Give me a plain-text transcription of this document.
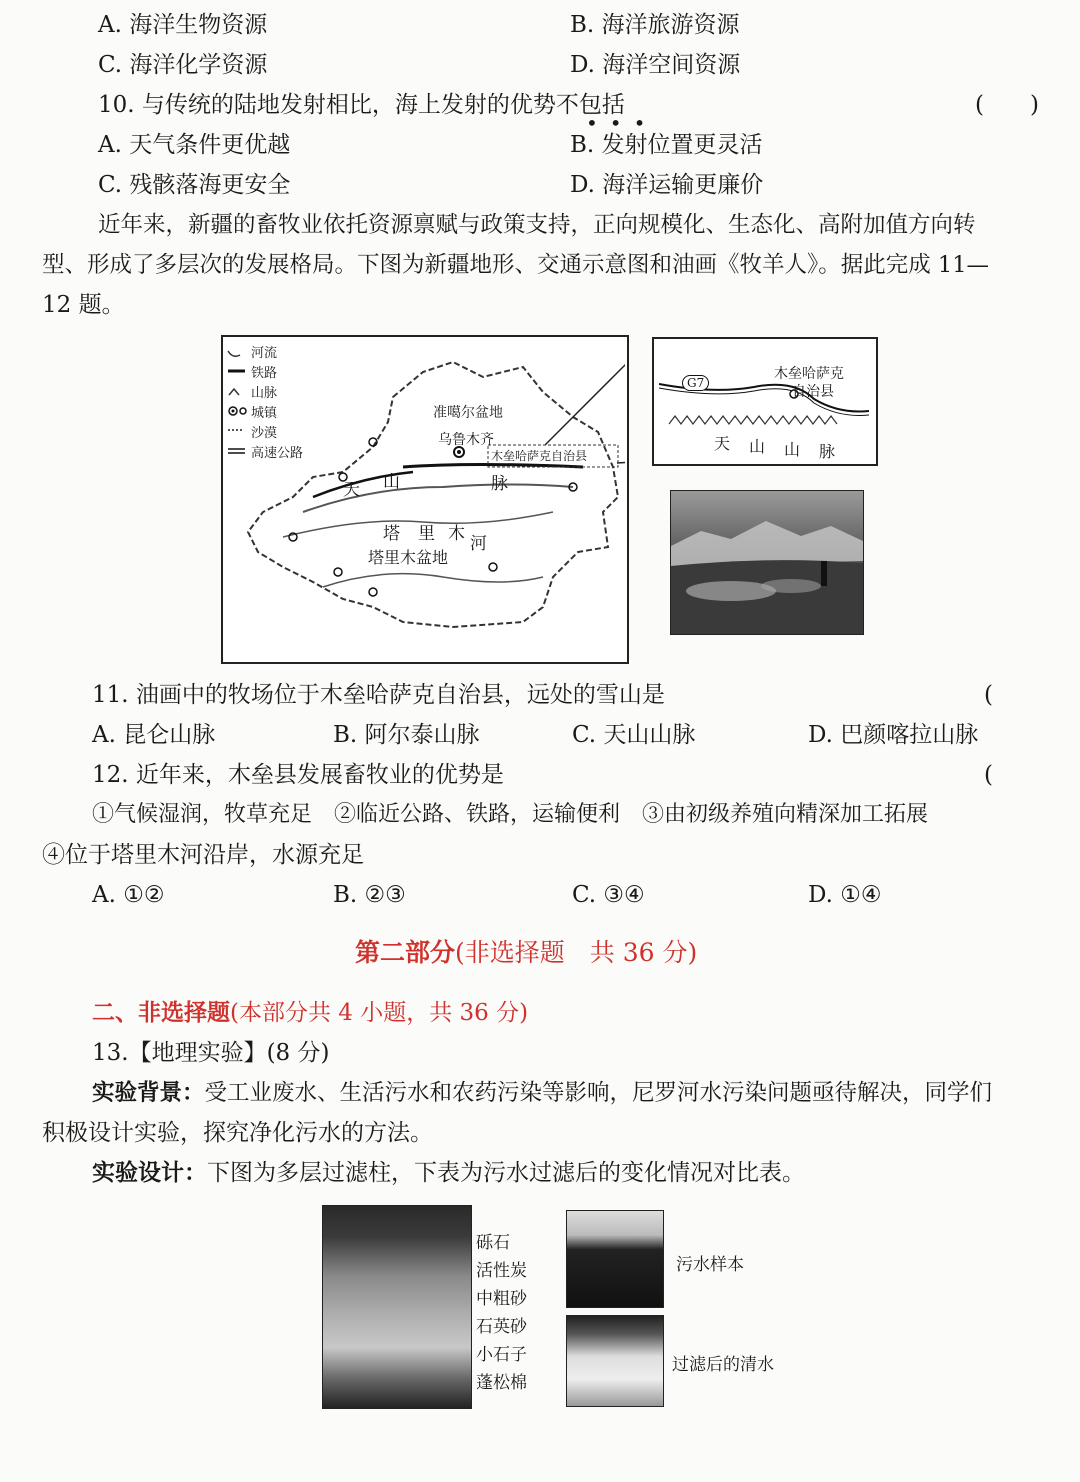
A. 海洋生物资源	B. 海洋旅游资源
C. 海洋化学资源	D. 海洋空间资源
10. 与传统的陆地发射相比，海上发射的优势不包括
•••
(　　)
A. 天气条件更优越	B. 发射位置更灵活
C. 残骸落海更安全	D. 海洋运输更廉价
近年来，新疆的畜牧业依托资源禀赋与政策支持，正向规模化、生态化、高附加值方向转
型、形成了多层次的发展格局。下图为新疆地形、交通示意图和油画《牧羊人》。据此完成 11—
12 题。
河流
铁路
山脉
城镇
沙漠
高速公路
准噶尔盆地
乌鲁木齐
木垒哈萨克自治县
天 山	脉
塔 里 木 河
塔里木盆地
G7
木垒哈萨克
自治县
天 山 山 脉
11. 油画中的牧场位于木垒哈萨克自治县，远处的雪山是	(
A. 昆仑山脉	B. 阿尔泰山脉	C. 天山山脉	D. 巴颜喀拉山脉
12. 近年来，木垒县发展畜牧业的优势是	(
①气候湿润，牧草充足　②临近公路、铁路，运输便利　③由初级养殖向精深加工拓展
④位于塔里木河沿岸，水源充足
A. ①②	B. ②③	C. ③④	D. ①④
第二部分(非选择题　共 36 分)
二、非选择题(本部分共 4 小题，共 36 分)
13.【地理实验】(8 分)
实验背景：受工业废水、生活污水和农药污染等影响，尼罗河水污染问题亟待解决，同学们
积极设计实验，探究净化污水的方法。
实验设计：下图为多层过滤柱，下表为污水过滤后的变化情况对比表。
砾石
活性炭
中粗砂
石英砂
小石子
蓬松棉
污水样本
过滤后的清水
